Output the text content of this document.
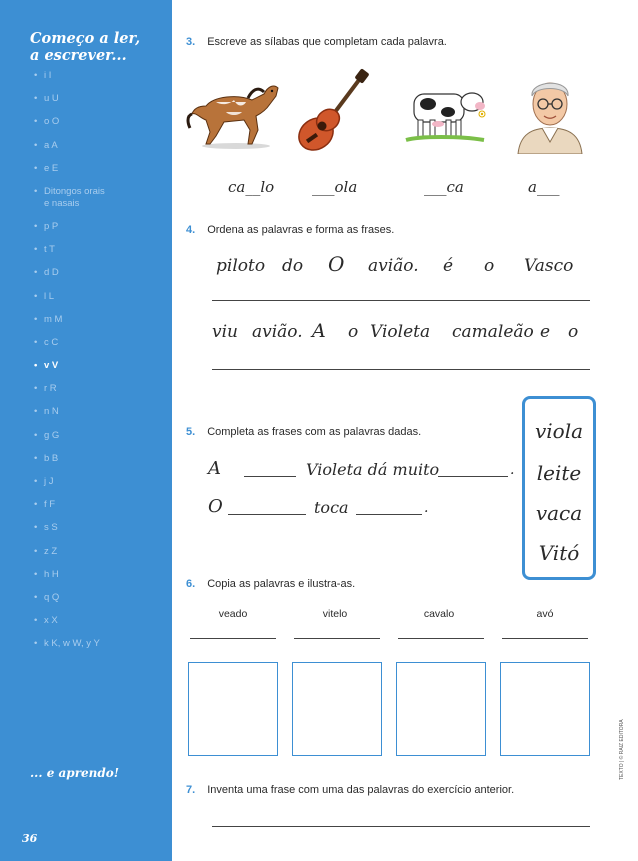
Começo a ler,
a escrever...
• i I
• u U
• o O
• a A
• e E
• Ditongos orais
e nasais
• p P
• t T
• d D
• l L
• m M
• c C
• v V
• r R
• n N
• g G
• b B
• j J
• f F
• s S
• z Z
• h H
• q Q
• x X
• k K, w W, y Y
... e aprendo!
36
3. Escreve as sílabas que completam cada palavra.
ca__lo	___ola	___ca	a___
4. Ordena as palavras e forma as frases.
piloto do O avião. é o Vasco
viu avião. A o Violeta camaleão e o
5. Completa as frases com as palavras dadas.
A	Violeta dá muito	.
O	toca	.
viola
leite
vaca
Vitó
6. Copia as palavras e ilustra-as.
veado	vitelo	cavalo	avó
7. Inventa uma frase com uma das palavras do exercício anterior.
TEXTO | © RAIZ EDITORA
